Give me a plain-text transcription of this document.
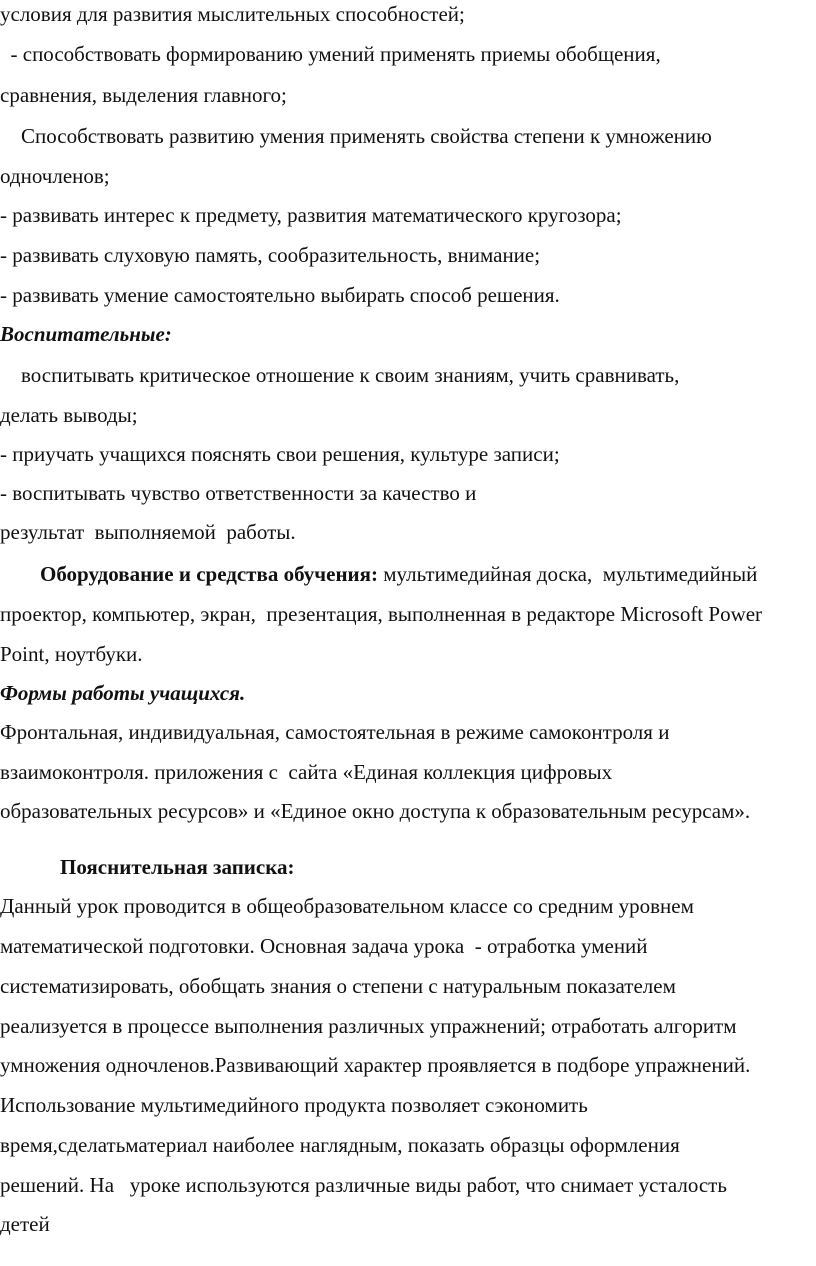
условия для развития мыслительных способностей;

- способствовать формированию умений применять приемы обобщения,

сравнения, выделения главного;

Способствовать развитию умения применять свойства степени к умножению

одночленов;

- развивать интерес к предмету, развития математического кругозора;

- развивать слуховую память, сообразительность, внимание;

- развивать умение самостоятельно выбирать способ решения.

Воспитательные:

воспитывать критическое отношение к своим знаниям, учить сравнивать,

делать выводы;

- приучать учащихся пояснять свои решения, культуре записи;

- воспитывать чувство ответственности за качество и

результат  выполняемой  работы.

Оборудование и средства обучения: мультимедийная доска,  мультимедийный

проектор, компьютер, экран,  презентация, выполненная в редакторе Microsoft Power

Point, ноутбуки.

Формы работы учащихся.

Фронтальная, индивидуальная, самостоятельная в режиме самоконтроля и

взаимоконтроля. приложения с  сайта «Единая коллекция цифровых

образовательных ресурсов» и «Единое окно доступа к образовательным ресурсам».

Пояснительная записка:

Данный урок проводится в общеобразовательном классе со средним уровнем

математической подготовки. Основная задача урока  - отработка умений

систематизировать, обобщать знания о степени с натуральным показателем

реализуется в процессе выполнения различных упражнений; отработать алгоритм

умножения одночленов.Развивающий характер проявляется в подборе упражнений.

Использование мультимедийного продукта позволяет сэкономить

время,сделатьматериал наиболее наглядным, показать образцы оформления

решений. На   уроке используются различные виды работ, что снимает усталость

детей
